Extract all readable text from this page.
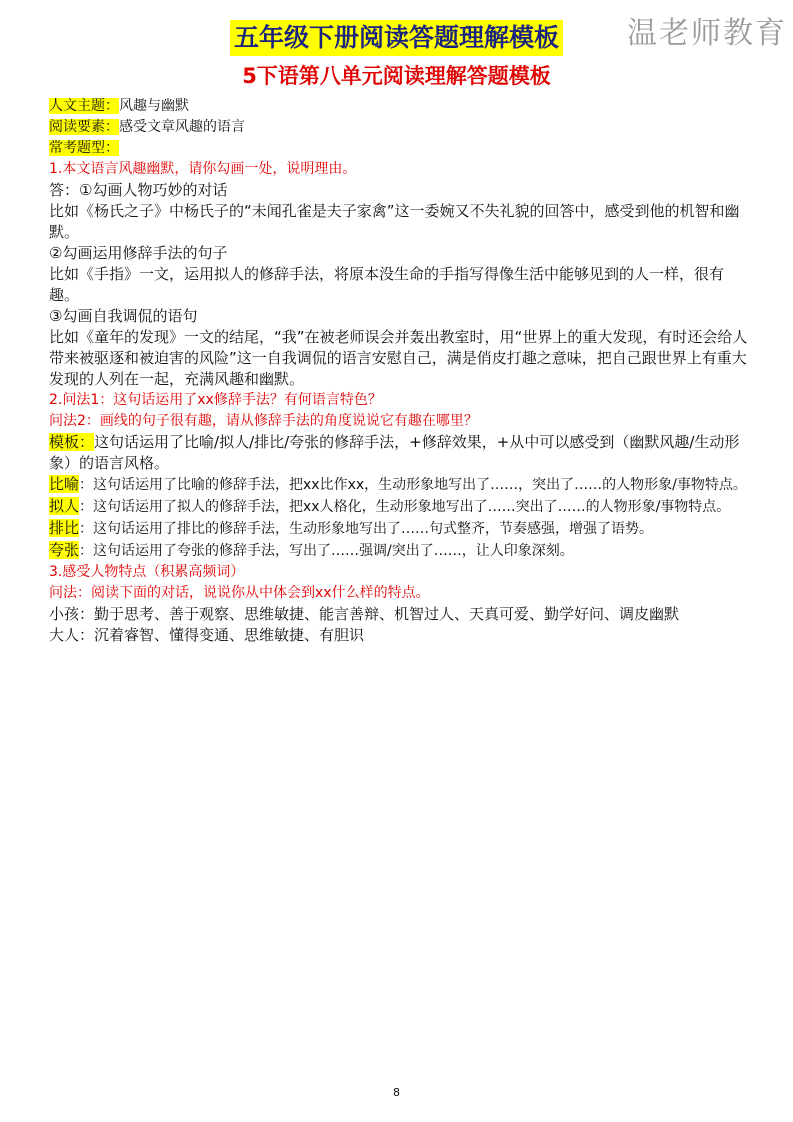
温老师教育
五年级下册阅读答题理解模板
5下语第八单元阅读理解答题模板

人文主题：风趣与幽默

阅读要素：感受文章风趣的语言

常考题型：

1.本文语言风趣幽默，请你勾画一处，说明理由。

答：①勾画人物巧妙的对话

比如《杨氏之子》中杨氏子的“未闻孔雀是夫子家禽”这一委婉又不失礼貌的回答中，感受到他的机智和幽默。

②勾画运用修辞手法的句子

比如《手指》一文，运用拟人的修辞手法，将原本没生命的手指写得像生活中能够见到的人一样，很有趣。

③勾画自我调侃的语句

比如《童年的发现》一文的结尾，“我”在被老师误会并轰出教室时，用“世界上的重大发现，有时还会给人带来被驱逐和被迫害的风险”这一自我调侃的语言安慰自己，满是俏皮打趣之意味，把自己跟世界上有重大发现的人列在一起，充满风趣和幽默。

2.问法1：这句话运用了xx修辞手法？有何语言特色？

问法2：画线的句子很有趣，请从修辞手法的角度说说它有趣在哪里？

模板：这句话运用了比喻/拟人/排比/夸张的修辞手法，+修辞效果，+从中可以感受到（幽默风趣/生动形象）的语言风格。

比喻：这句话运用了比喻的修辞手法，把xx比作xx，生动形象地写出了……，突出了……的人物形象/事物特点。

拟人：这句话运用了拟人的修辞手法，把xx人格化，生动形象地写出了……突出了……的人物形象/事物特点。

排比：这句话运用了排比的修辞手法，生动形象地写出了……句式整齐，节奏感强，增强了语势。

夸张：这句话运用了夸张的修辞手法，写出了……强调/突出了……，让人印象深刻。

3.感受人物特点（积累高频词）

问法：阅读下面的对话，说说你从中体会到xx什么样的特点。

小孩：勤于思考、善于观察、思维敏捷、能言善辩、机智过人、天真可爱、勤学好问、调皮幽默

大人：沉着睿智、懂得变通、思维敏捷、有胆识

8
